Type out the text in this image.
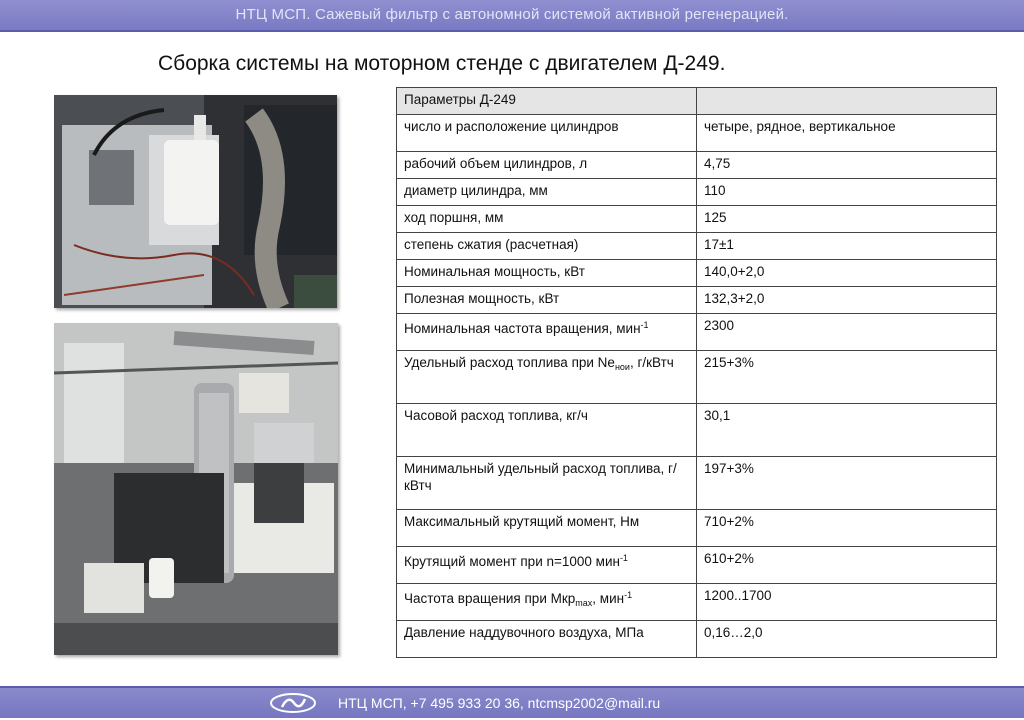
НТЦ МСП. Сажевый фильтр с автономной системой активной регенерацией.
Сборка системы на моторном стенде с двигателем Д-249.
Параметры Д-249	
число и расположение цилиндров	четыре, рядное, вертикальное
рабочий объем цилиндров, л	4,75
диаметр цилиндра, мм	110
ход поршня, мм	125
степень сжатия (расчетная)	17±1
Номинальная мощность, кВт	140,0+2,0
Полезная мощность, кВт	132,3+2,0
Номинальная частота вращения, мин$^{-1}$	2300
Удельный расход топлива при $Ne_{нои}$, г/кВтч	215+3%
Часовой расход топлива, кг/ч	30,1
Минимальный удельный расход топлива, г/кВтч	197+3%
Максимальный крутящий момент, Нм	710+2%
Крутящий момент при n=1000 мин$^{-1}$	610+2%
Частота вращения при Мкр$_{max}$, мин$^{-1}$	1200..1700
Давление наддувочного воздуха, МПа	0,16…2,0
НТЦ МСП, +7 495 933 20 36, ntcmsp2002@mail.ru
